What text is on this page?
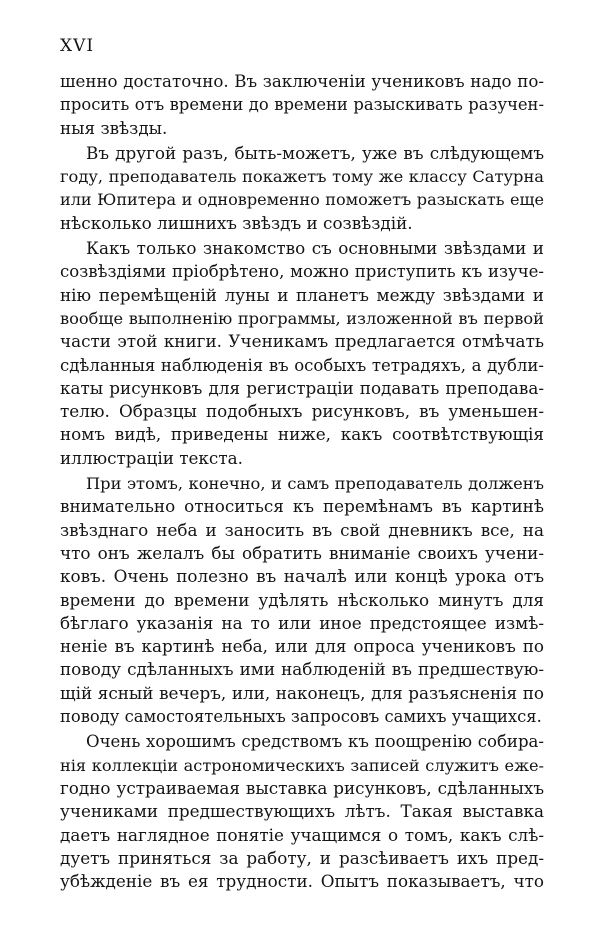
XVI
шенно достаточно. Въ заключенiи учениковъ надо по-
просить отъ времени до времени разыскивать разучен-
ныя звѣзды.
Въ другой разъ, быть-можетъ, уже въ слѣдующемъ
году, преподаватель покажетъ тому же классу Сатурна
или Юпитера и одновременно поможетъ разыскать еще
нѣсколько лишнихъ звѣздъ и созвѣздiй.
Какъ только знакомство съ основными звѣздами и
созвѣздiями прiобрѣтено, можно приступить къ изуче-
нiю перемѣщенiй луны и планетъ между звѣздами и
вообще выполненiю программы, изложенной въ первой
части этой книги. Ученикамъ предлагается отмѣчать
сдѣланныя наблюденiя въ особыхъ тетрадяхъ, а дубли-
каты рисунковъ для регистрацiи подавать преподава-
телю. Образцы подобныхъ рисунковъ, въ уменьшен-
номъ видѣ, приведены ниже, какъ соотвѣтствующiя
иллюстрацiи текста.
При этомъ, конечно, и самъ преподаватель долженъ
внимательно относиться къ перемѣнамъ въ картинѣ
звѣзднаго неба и заносить въ свой дневникъ все, на
что онъ желалъ бы обратить вниманiе своихъ учени-
ковъ. Очень полезно въ началѣ или концѣ урока отъ
времени до времени удѣлять нѣсколько минутъ для
бѣглаго указанiя на то или иное предстоящее измѣ-
ненiе въ картинѣ неба, или для опроса учениковъ по
поводу сдѣланныхъ ими наблюденiй въ предшествую-
щiй ясный вечеръ, или, наконецъ, для разъясненiя по
поводу самостоятельныхъ запросовъ самихъ учащихся.
Очень хорошимъ средствомъ къ поощренiю собира-
нiя коллекцiи астрономическихъ записей служитъ еже-
годно устраиваемая выставка рисунковъ, сдѣланныхъ
учениками предшествующихъ лѣтъ. Такая выставка
даетъ наглядное понятiе учащимся о томъ, какъ слѣ-
дуетъ приняться за работу, и разсѣиваетъ ихъ пред-
убѣжденiе въ ея трудности. Опытъ показываетъ, что
